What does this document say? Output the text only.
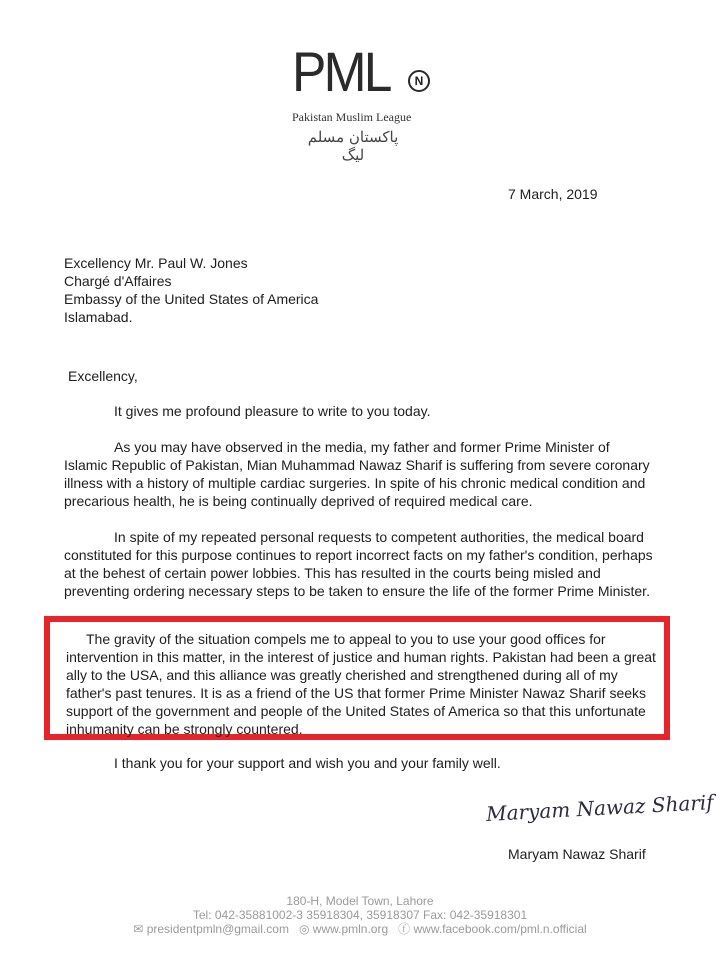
PML	N
Pakistan Muslim League
پاکستان مسلم لیگ
7 March, 2019
Excellency Mr. Paul W. Jones
Chargé d'Affaires
Embassy of the United States of America
Islamabad.
Excellency,
It gives me profound pleasure to write to you today.
As you may have observed in the media, my father and former Prime Minister of Islamic Republic of Pakistan, Mian Muhammad Nawaz Sharif is suffering from severe coronary illness with a history of multiple cardiac surgeries. In spite of his chronic medical condition and precarious health, he is being continually deprived of required medical care.
In spite of my repeated personal requests to competent authorities, the medical board constituted for this purpose continues to report incorrect facts on my father's condition, perhaps at the behest of certain power lobbies. This has resulted in the courts being misled and preventing ordering necessary steps to be taken to ensure the life of the former Prime Minister.
The gravity of the situation compels me to appeal to you to use your good offices for intervention in this matter, in the interest of justice and human rights. Pakistan had been a great ally to the USA, and this alliance was greatly cherished and strengthened during all of my father's past tenures. It is as a friend of the US that former Prime Minister Nawaz Sharif seeks support of the government and people of the United States of America so that this unfortunate inhumanity can be strongly countered.
I thank you for your support and wish you and your family well.
Maryam Nawaz Sharif
Maryam Nawaz Sharif
180-H, Model Town, Lahore
Tel: 042-35881002-3 35918304, 35918307 Fax: 042-35918301
✉ presidentpmln@gmail.com ◎ www.pmln.org ⓕ www.facebook.com/pml.n.official
